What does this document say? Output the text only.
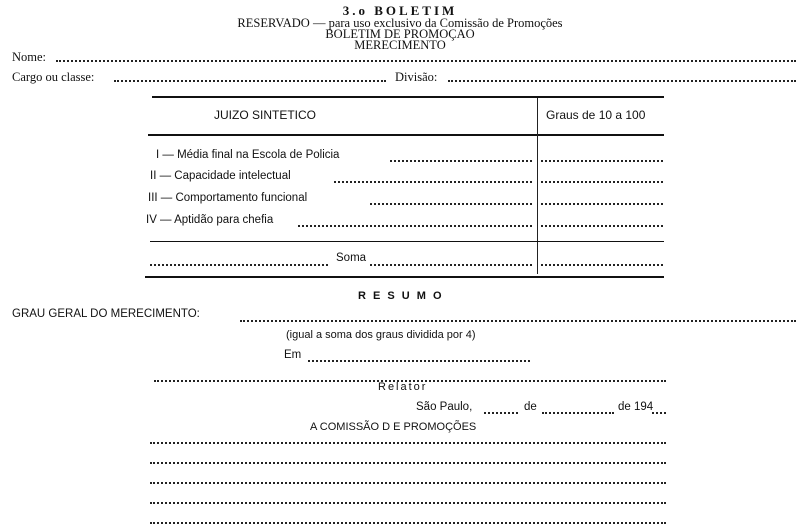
3.o BOLETIM
RESERVADO — para uso exclusivo da Comissão de Promoções
BOLETIM DE PROMOÇAO
MERECIMENTO
Nome:
Cargo ou classe:	Divisão:
JUIZO SINTETICO	Graus de 10 a 100
I — Média final na Escola de Policia
II — Capacidade intelectual
III — Comportamento funcional
IV — Aptidão para chefia
Soma
R E S U M O
GRAU GERAL DO MERECIMENTO:
(igual a soma dos graus dividida por 4)
Em
Relator
São Paulo,	de	de 194
A COMISSÃO D E PROMOÇÕES
